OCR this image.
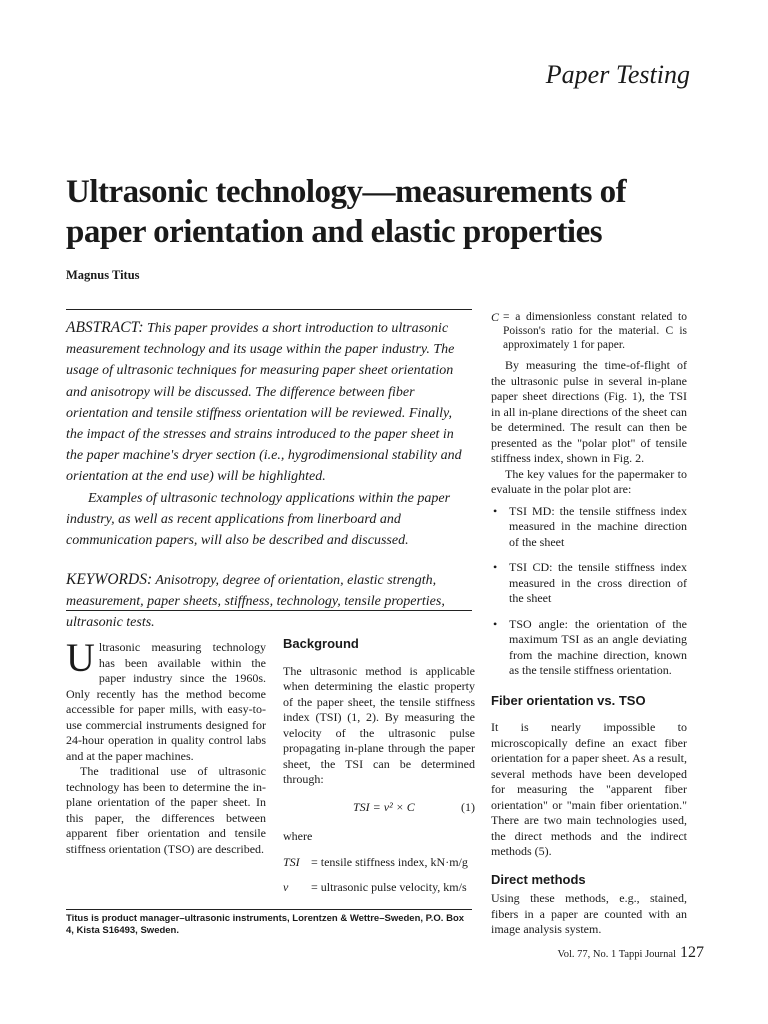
Paper Testing
Ultrasonic technology—measurements of paper orientation and elastic properties
Magnus Titus

ABSTRACT: This paper provides a short introduction to ultrasonic measurement technology and its usage within the paper industry. The usage of ultrasonic techniques for measuring paper sheet orientation and anisotropy will be discussed. The difference between fiber orientation and tensile stiffness orientation will be reviewed. Finally, the impact of the stresses and strains introduced to the paper sheet in the paper machine's dryer section (i.e., hygrodimensional stability and orientation at the end use) will be highlighted.

Examples of ultrasonic technology applications within the paper industry, as well as recent applications from linerboard and communication papers, will also be described and discussed.

KEYWORDS: Anisotropy, degree of orientation, elastic strength, measurement, paper sheets, stiffness, technology, tensile properties, ultrasonic tests.

Ultrasonic measuring technology has been available within the paper industry since the 1960s. Only recently has the method become accessible for paper mills, with easy-to-use commercial instruments designed for 24-hour operation in quality control labs and at the paper machines.

The traditional use of ultrasonic technology has been to determine the in-plane orientation of the paper sheet. In this paper, the differences between apparent fiber orientation and tensile stiffness orientation (TSO) are described.

Background

The ultrasonic method is applicable when determining the elastic property of the paper sheet, the tensile stiffness index (TSI) (1, 2). By measuring the velocity of the ultrasonic pulse propagating in-plane through the paper sheet, the TSI can be determined through:

TSI = v² × C	(1)

where

TSI = tensile stiffness index, kN·m/g
v	= ultrasonic pulse velocity, km/s
C = a dimensionless constant related to Poisson's ratio for the material. C is approximately 1 for paper.

By measuring the time-of-flight of the ultrasonic pulse in several in-plane paper sheet directions (Fig. 1), the TSI in all in-plane directions of the sheet can be determined. The result can then be presented as the "polar plot" of tensile stiffness index, shown in Fig. 2.

The key values for the papermaker to evaluate in the polar plot are:

• TSI MD: the tensile stiffness index measured in the machine direction of the sheet
• TSI CD: the tensile stiffness index measured in the cross direction of the sheet
• TSO angle: the orientation of the maximum TSI as an angle deviating from the machine direction, known as the tensile stiffness orientation.
Fiber orientation vs. TSO

It is nearly impossible to microscopically define an exact fiber orientation for a paper sheet. As a result, several methods have been developed for measuring the "apparent fiber orientation" or "main fiber orientation." There are two main technologies used, the direct methods and the indirect methods (5).

Direct methods

Using these methods, e.g., stained, fibers in a paper are counted with an image analysis system.

Titus is product manager–ultrasonic instruments, Lorentzen & Wettre–Sweden, P.O. Box 4, Kista S16493, Sweden.
Vol. 77, No. 1 Tappi Journal 127
